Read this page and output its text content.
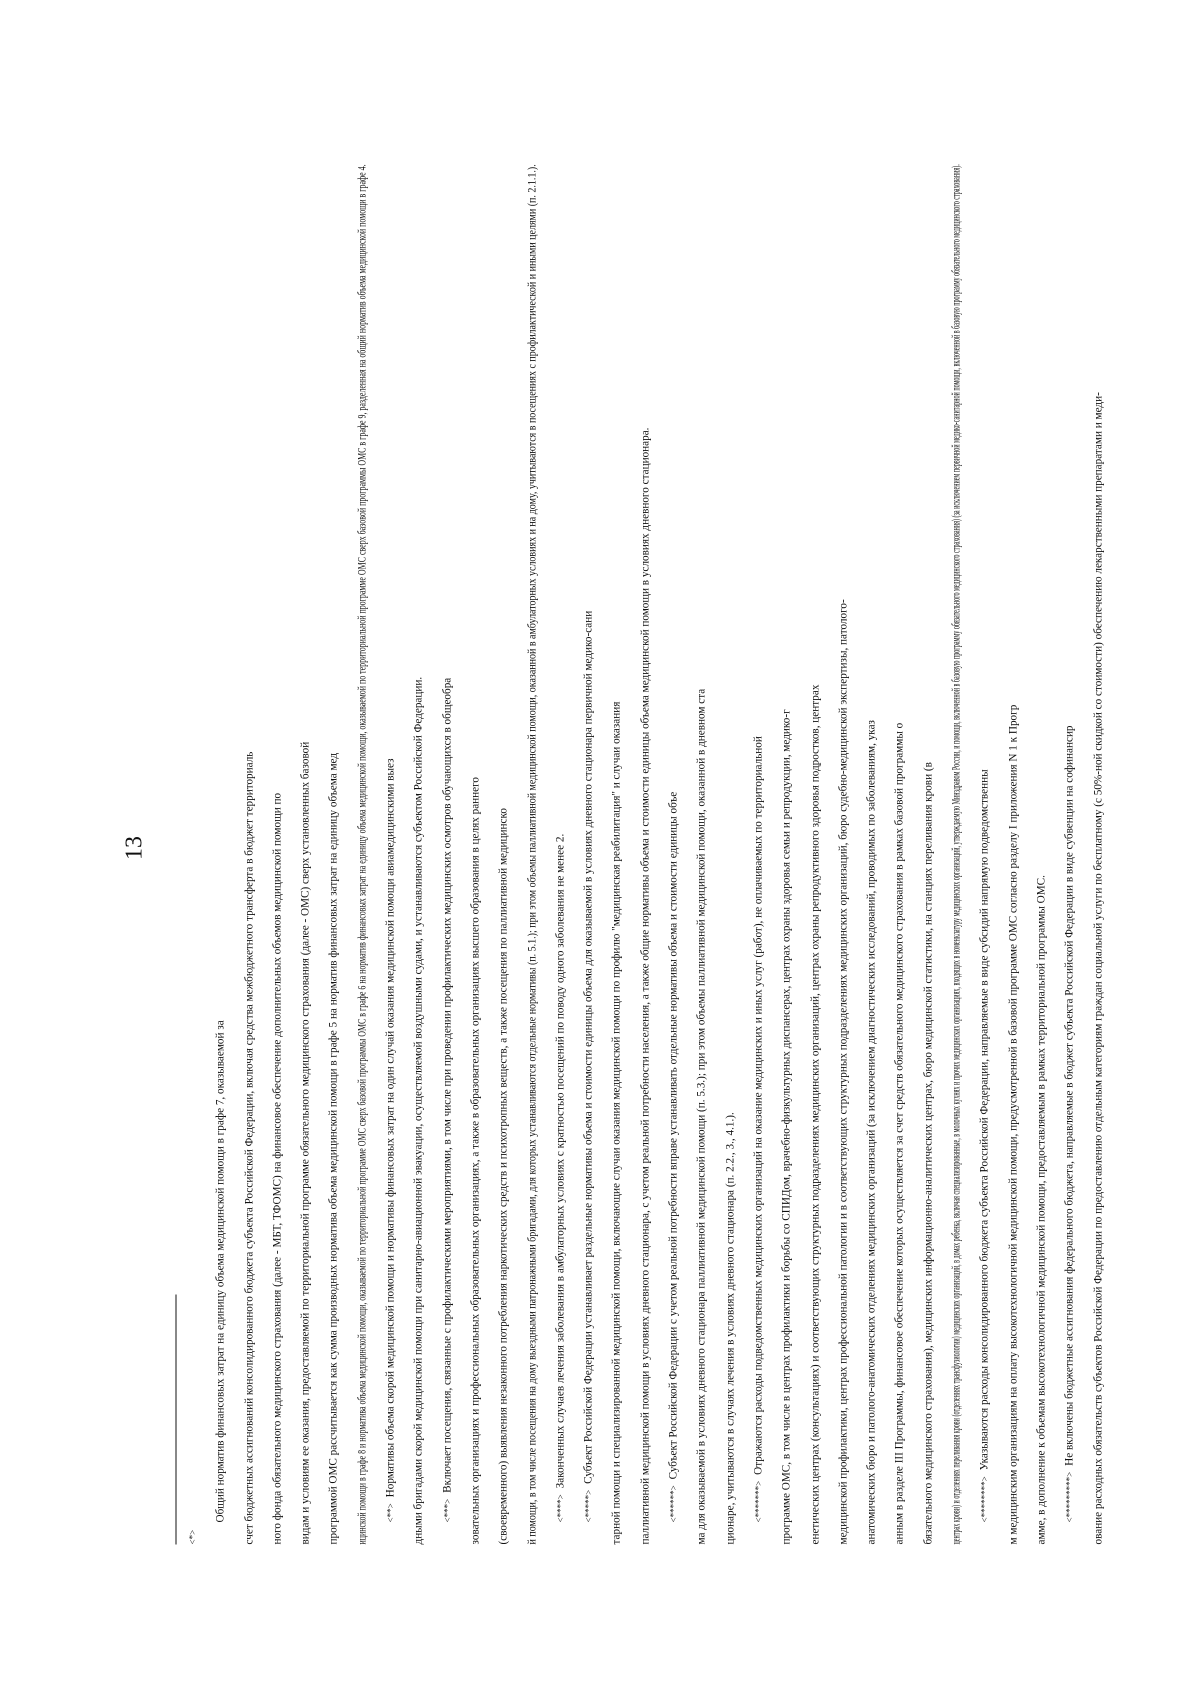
13
<*>
Общий норматив финансовых затрат на единицу объема медицинской помощи в графе 7, оказываемой за	счет бюджетных ассигнований консолидированного бюджета субъекта Российской Федерации, включая средства межбюджетного трансферта в бюджет территориаль	ного фонда обязательного медицинского страхования (далее - МБТ, ТФОМС) на финансовое обеспечение дополнительных объемов медицинской помощи по	видам и условиям ее оказания, предоставляемой по территориальной программе обязательного медицинского страхования (далее - ОМС) сверх установленных базовой	программой ОМС рассчитывается как сумма производных норматива объема медицинской помощи в графе 5 на норматив финансовых затрат на единицу объема мед	ицинской помощи в графе 8 и норматива объема медицинской помощи, оказываемой по территориальной программе ОМС сверх базовой программы ОМС в графе 6 на норматив финансовых затрат на единицу объема медицинской помощи, оказываемой по территориальной программе ОМС сверх базовой программы ОМС в графе 9, разделенная на общий норматив объема медицинской помощи в графе 4.	<**>Нормативы объема скорой медицинской помощи и нормативы финансовых затрат на один случай оказания медицинской помощи авиамедицинскими выез	дными бригадами скорой медицинской помощи при санитарно-авиационной эвакуации, осуществляемой воздушными судами, и устанавливаются субъектом Российской Федерации.	<***>Включает посещения, связанные с профилактическими мероприятиями, в том числе при проведении профилактических медицинских осмотров обучающихся в общеобра	зовательных организациях и профессиональных образовательных организациях, а также в образовательных организациях высшего образования в целях раннего	(своевременного) выявления незаконного потребления наркотических средств и психотропных веществ, а также посещения по паллиативной медицинско	й помощи, в том числе посещения на дому выездными патронажными бригадами, для которых устанавливаются отдельные нормативы (п. 5.1.); при этом объемы паллиативной медицинской помощи, оказанной в амбулаторных условиях и на дому, учитываются в посещениях с профилактической и иными целями (п. 2.1.1.).	<****>Законченных случаев лечения заболевания в амбулаторных условиях с кратностью посещений по поводу одного заболевания не менее 2.
<*****>Субъект Российской Федерации устанавливает раздельные нормативы объема и стоимости единицы объема для оказываемой в условиях дневного стационара первичной медико-сани	тарной помощи и специализированной медицинской помощи, включающие случаи оказания медицинской помощи по профилю "медицинская реабилитация" и случаи оказания	паллиативной медицинской помощи в условиях дневного стационара, с учетом реальной потребности населения, а также общие нормативы объема и стоимости единицы объема медицинской помощи в условиях дневного стационара.	<******>Субъект Российской Федерации с учетом реальной потребности вправе устанавливать отдельные нормативы объема и стоимости единицы объе	ма для оказываемой в условиях дневного стационара паллиативной медицинской помощи (п. 5.3.); при этом объемы паллиативной медицинской помощи, оказанной в дневном ста	ционаре, учитываются в случаях лечения в условиях дневного стационара (п. 2.2., 3., 4.1.).	<*******>Отражаются расходы подведомственных медицинских организаций на оказание медицинских и иных услуг (работ), не оплачиваемых по территориальной	программе ОМС, в том числе в центрах профилактики и борьбы со СПИДом, врачебно-физкультурных диспансерах, центрах охраны здоровья семьи и репродукции, медико-г	енетических центрах (консультациях) и соответствующих структурных подразделениях медицинских организаций, центрах охраны репродуктивного здоровья подростков, центрах	медицинской профилактики, центрах профессиональной патологии и в соответствующих структурных подразделениях медицинских организаций, бюро судебно-медицинской экспертизы, патолого-	анатомических бюро и патолого-анатомических отделениях медицинских организаций (за исключением диагностических исследований, проводимых по заболеваниям, указ	анным в разделе III Программы, финансовое обеспечение которых осуществляется за счет средств обязательного медицинского страхования в рамках базовой программы о	бязательного медицинского страхования), медицинских информационно-аналитических центрах, бюро медицинской статистики, на станциях переливания крови (в	центрах крови) и отделениях переливания крови (отделениях трансфузиологии) медицинских организаций, в домах ребенка, включая специализированные, в молочных кухнях и прочих медицинских организациях, входящих в номенклатуру медицинских организаций, утверждаемую Минздравом России, и помощи, включенной в базовую программу обязательного медицинского страхования) (за исключением первичной медико-санитарной помощи, включенной в базовую программу обязательного медицинского страхования).	<********>Указываются расходы консолидированного бюджета субъекта Российской Федерации, направляемые в виде субсидий напрямую подведомственны	м медицинским организациям на оплату высокотехнологичной медицинской помощи, предусмотренной в базовой программе ОМС согласно разделу I приложения N 1 к Прогр	амме, в дополнение к объемам высокотехнологичной медицинской помощи, предоставляемым в рамках территориальной программы ОМС.	<*********>Не включены бюджетные ассигнования федерального бюджета, направляемые в бюджет субъекта Российской Федерации в виде субвенции на софинансир	ование расходных обязательств субъектов Российской Федерации по предоставлению отдельным категориям граждан социальной услуги по бесплатному (с 50%-ной скидкой со стоимости) обеспечению лекарственными препаратами и меди-
